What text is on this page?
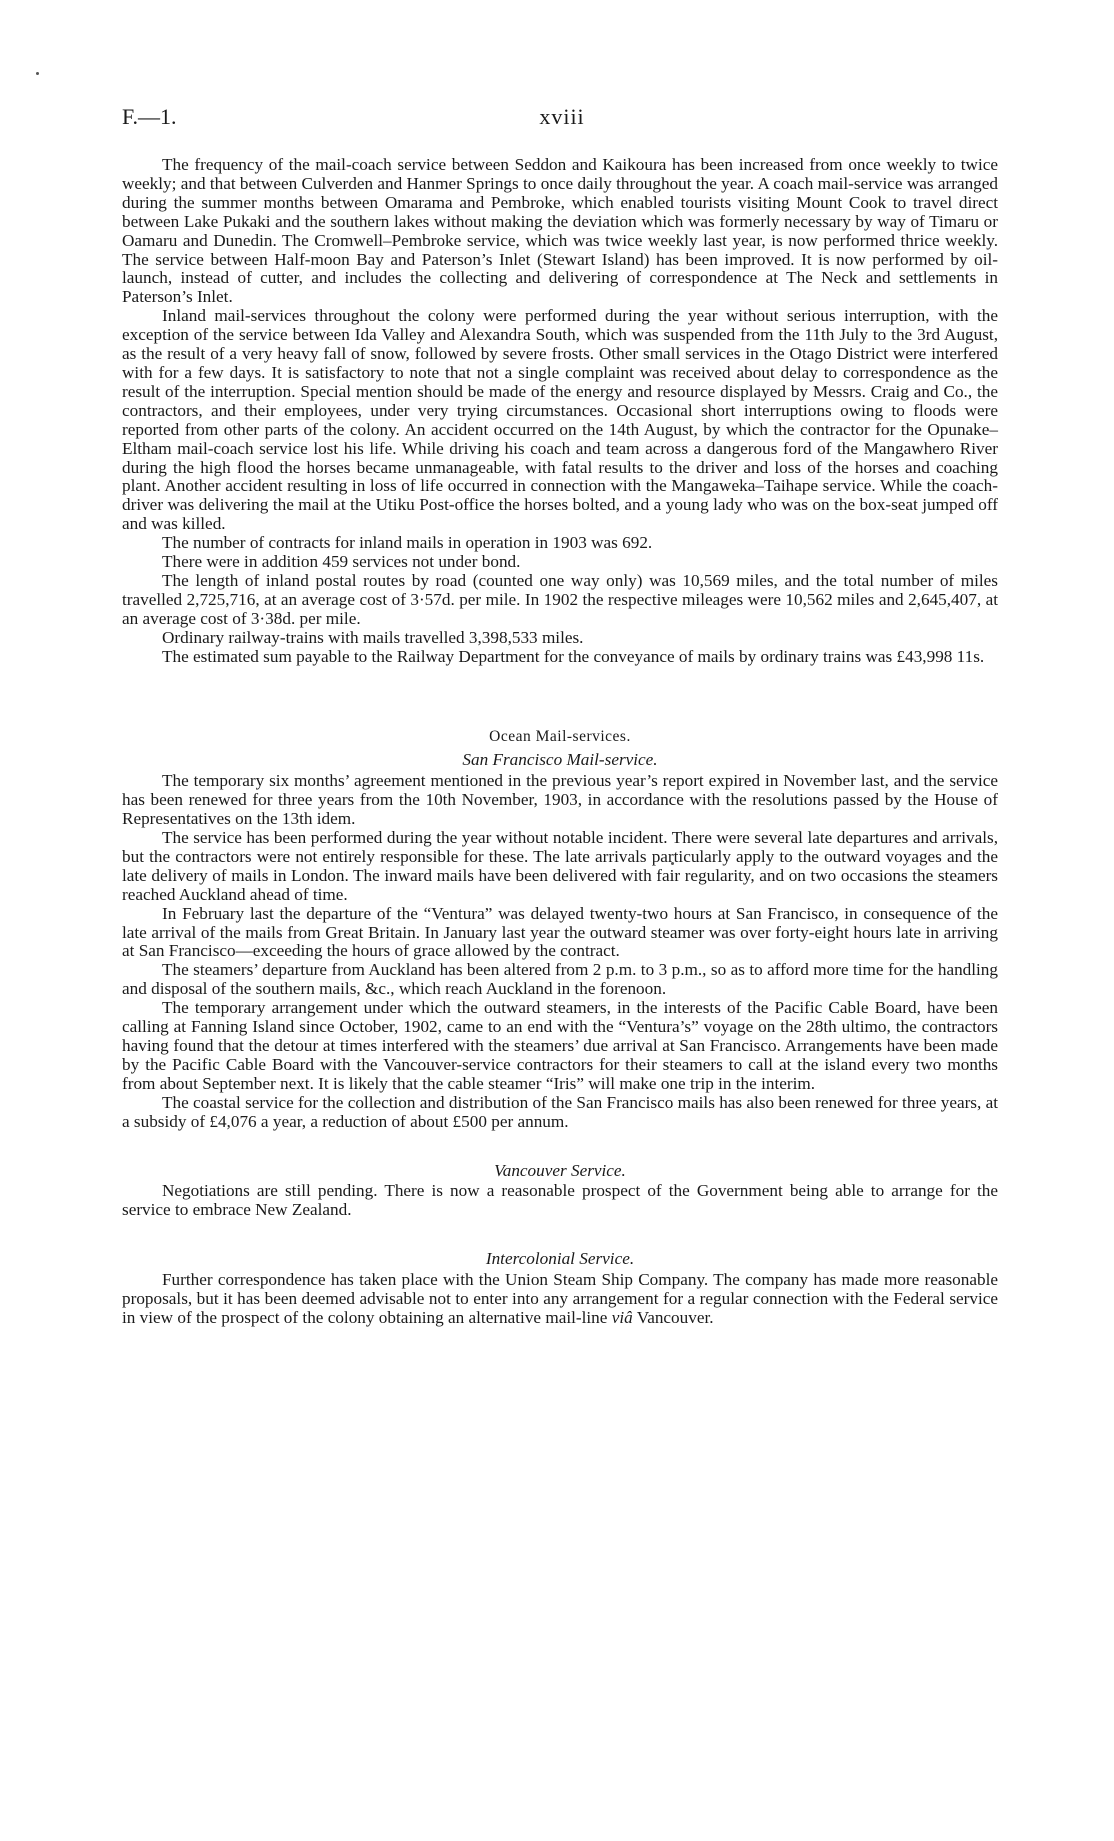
F.—1.	xviii

The frequency of the mail-coach service between Seddon and Kaikoura has been increased from once weekly to twice weekly; and that between Culverden and Hanmer Springs to once daily throughout the year. A coach mail-service was arranged during the summer months between Omarama and Pembroke, which enabled tourists visiting Mount Cook to travel direct between Lake Pukaki and the southern lakes without making the deviation which was formerly necessary by way of Timaru or Oamaru and Dunedin. The Cromwell–Pembroke service, which was twice weekly last year, is now performed thrice weekly. The service between Half-moon Bay and Paterson’s Inlet (Stewart Island) has been improved. It is now performed by oil-launch, instead of cutter, and includes the collecting and delivering of correspondence at The Neck and settlements in Paterson’s Inlet.

Inland mail-services throughout the colony were performed during the year without serious interruption, with the exception of the service between Ida Valley and Alexandra South, which was suspended from the 11th July to the 3rd August, as the result of a very heavy fall of snow, followed by severe frosts. Other small services in the Otago District were interfered with for a few days. It is satisfactory to note that not a single complaint was received about delay to correspondence as the result of the interruption. Special mention should be made of the energy and resource displayed by Messrs. Craig and Co., the contractors, and their employees, under very trying circumstances. Occasional short interruptions owing to floods were reported from other parts of the colony. An accident occurred on the 14th August, by which the contractor for the Opunake–Eltham mail-coach service lost his life. While driving his coach and team across a dangerous ford of the Mangawhero River during the high flood the horses became unmanageable, with fatal results to the driver and loss of the horses and coaching plant. Another accident resulting in loss of life occurred in connection with the Mangaweka–Taihape service. While the coach-driver was delivering the mail at the Utiku Post-office the horses bolted, and a young lady who was on the box-seat jumped off and was killed.

The number of contracts for inland mails in operation in 1903 was 692.

There were in addition 459 services not under bond.

The length of inland postal routes by road (counted one way only) was 10,569 miles, and the total number of miles travelled 2,725,716, at an average cost of 3·57d. per mile. In 1902 the respective mileages were 10,562 miles and 2,645,407, at an average cost of 3·38d. per mile.

Ordinary railway-trains with mails travelled 3,398,533 miles.

The estimated sum payable to the Railway Department for the conveyance of mails by ordinary trains was £43,998 11s.

Ocean Mail-services.
San Francisco Mail-service.

The temporary six months’ agreement mentioned in the previous year’s report expired in November last, and the service has been renewed for three years from the 10th November, 1903, in accordance with the resolutions passed by the House of Representatives on the 13th idem.

The service has been performed during the year without notable incident. There were several late departures and arrivals, but the contractors were not entirely responsible for these. The late arrivals particularly apply to the outward voyages and the late delivery of mails in London. The inward mails have been delivered with fair regularity, and on two occasions the steamers reached Auckland ahead of time.

In February last the departure of the “Ventura” was delayed twenty-two hours at San Francisco, in consequence of the late arrival of the mails from Great Britain. In January last year the outward steamer was over forty-eight hours late in arriving at San Francisco—exceeding the hours of grace allowed by the contract.

The steamers’ departure from Auckland has been altered from 2 p.m. to 3 p.m., so as to afford more time for the handling and disposal of the southern mails, &c., which reach Auckland in the forenoon.

The temporary arrangement under which the outward steamers, in the interests of the Pacific Cable Board, have been calling at Fanning Island since October, 1902, came to an end with the “Ventura’s” voyage on the 28th ultimo, the contractors having found that the detour at times interfered with the steamers’ due arrival at San Francisco. Arrangements have been made by the Pacific Cable Board with the Vancouver-service contractors for their steamers to call at the island every two months from about September next. It is likely that the cable steamer “Iris” will make one trip in the interim.

The coastal service for the collection and distribution of the San Francisco mails has also been renewed for three years, at a subsidy of £4,076 a year, a reduction of about £500 per annum.

Vancouver Service.

Negotiations are still pending. There is now a reasonable prospect of the Government being able to arrange for the service to embrace New Zealand.

Intercolonial Service.

Further correspondence has taken place with the Union Steam Ship Company. The company has made more reasonable proposals, but it has been deemed advisable not to enter into any arrangement for a regular connection with the Federal service in view of the prospect of the colony obtaining an alternative mail-line viâ Vancouver.
